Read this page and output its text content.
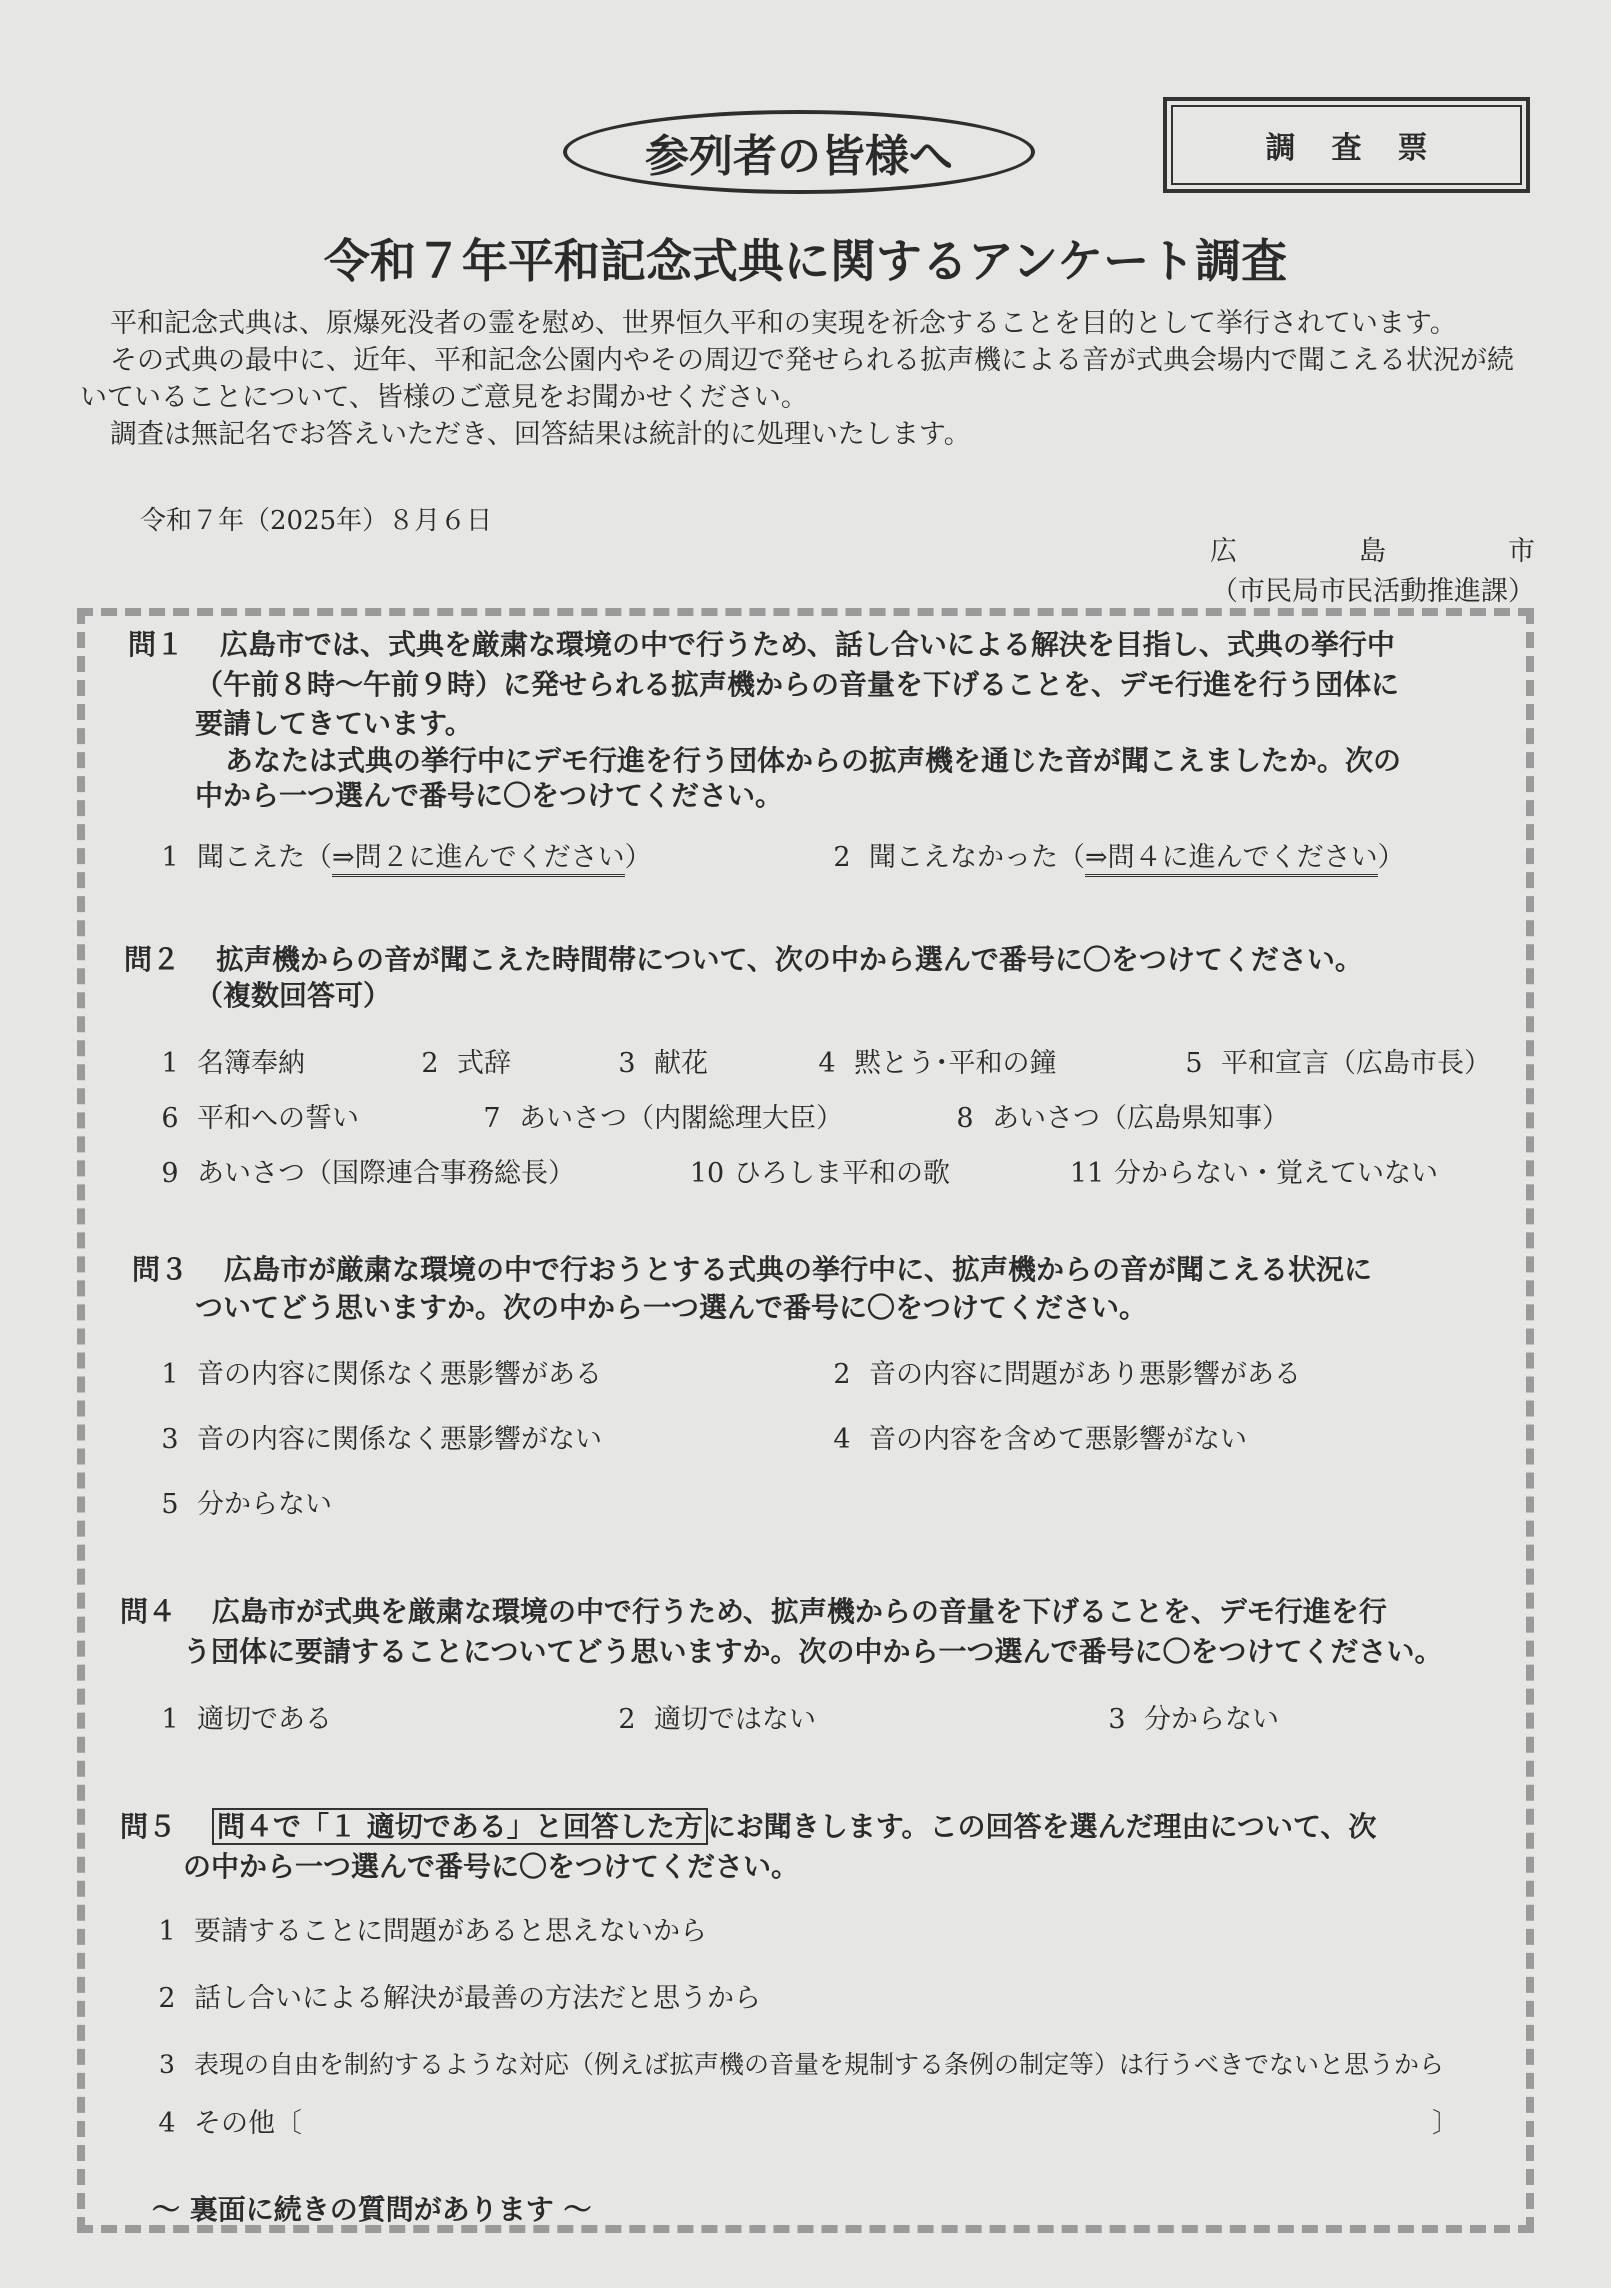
参列者の皆様へ	調査票
令和７年平和記念式典に関するアンケート調査

平和記念式典は、原爆死没者の霊を慰め、世界恒久平和の実現を祈念することを目的として挙行されています。

その式典の最中に、近年、平和記念公園内やその周辺で発せられる拡声機による音が式典会場内で聞こえる状況が続いていることについて、皆様のご意見をお聞かせください。

調査は無記名でお答えいただき、回答結果は統計的に処理いたします。

令和７年（2025年）８月６日
広	島	市
（市民局市民活動推進課）
問１ 広島市では、式典を厳粛な環境の中で行うため、話し合いによる解決を目指し、式典の挙行中
（午前８時～午前９時）に発せられる拡声機からの音量を下げることを、デモ行進を行う団体に
要請してきています。
あなたは式典の挙行中にデモ行進を行う団体からの拡声機を通じた音が聞こえましたか。次の
中から一つ選んで番号に〇をつけてください。
1 聞こえた（⇒問２に進んでください）	2 聞こえなかった（⇒問４に進んでください）
問２ 拡声機からの音が聞こえた時間帯について、次の中から選んで番号に〇をつけてください。
（複数回答可）
1 名簿奉納	2 式辞	3 献花	4 黙とう･平和の鐘	5 平和宣言（広島市長）
6 平和への誓い	7 あいさつ（内閣総理大臣）	8 あいさつ（広島県知事）
9 あいさつ（国際連合事務総長）	10 ひろしま平和の歌	11 分からない・覚えていない
問３ 広島市が厳粛な環境の中で行おうとする式典の挙行中に、拡声機からの音が聞こえる状況に
ついてどう思いますか。次の中から一つ選んで番号に〇をつけてください。
1 音の内容に関係なく悪影響がある	2 音の内容に問題があり悪影響がある
3 音の内容に関係なく悪影響がない	4 音の内容を含めて悪影響がない
5 分からない
問４ 広島市が式典を厳粛な環境の中で行うため、拡声機からの音量を下げることを、デモ行進を行
う団体に要請することについてどう思いますか。次の中から一つ選んで番号に〇をつけてください。
1 適切である	2 適切ではない	3 分からない
問５ 問４で「１ 適切である」と回答した方 にお聞きします。この回答を選んだ理由について、次
の中から一つ選んで番号に〇をつけてください。
1 要請することに問題があると思えないから
2 話し合いによる解決が最善の方法だと思うから
3 表現の自由を制約するような対応（例えば拡声機の音量を規制する条例の制定等）は行うべきでないと思うから
4 その他〔	〕
～ 裏面に続きの質問があります ～
